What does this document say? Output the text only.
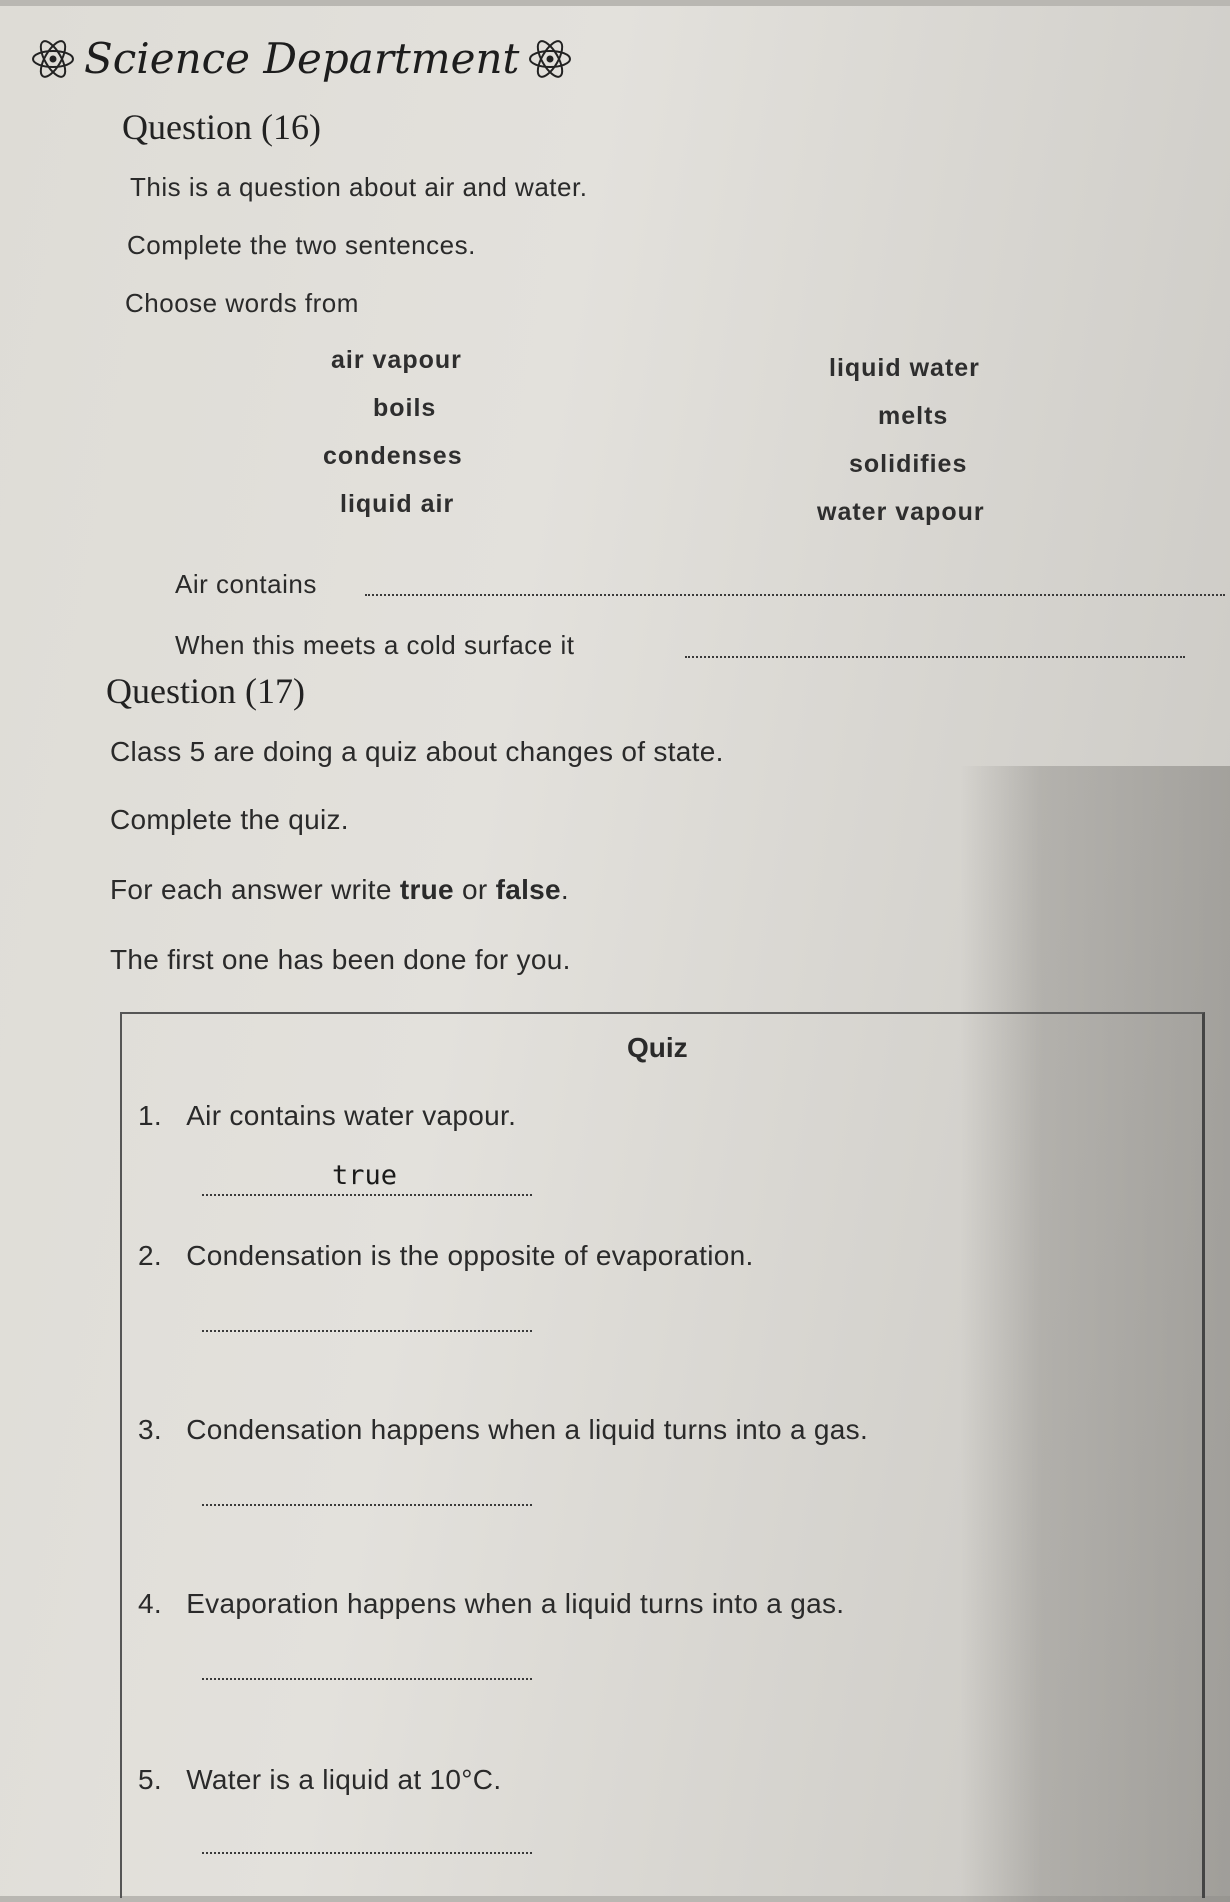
Science Department
Question (16)
This is a question about air and water.
Complete the two sentences.
Choose words from
air vapour
boils
condenses
liquid air
liquid water
melts
solidifies
water vapour
Air contains
When this meets a cold surface it
Question (17)
Class 5 are doing a quiz about changes of state.
Complete the quiz.
For each answer write true or false.
The first one has been done for you.
Quiz
1. Air contains water vapour.
true
2. Condensation is the opposite of evaporation.
3. Condensation happens when a liquid turns into a gas.
4. Evaporation happens when a liquid turns into a gas.
5. Water is a liquid at 10°C.
